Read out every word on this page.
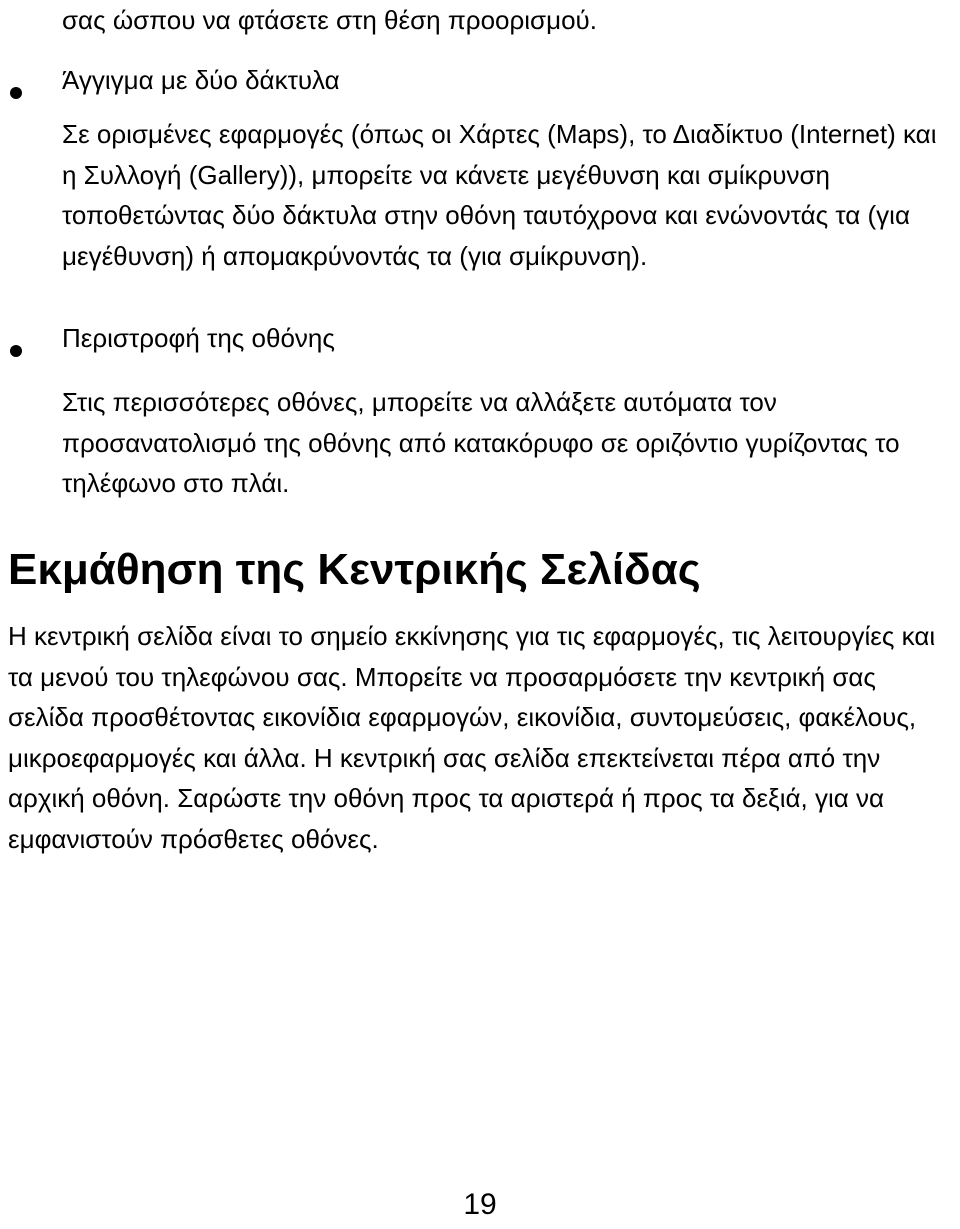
σας ώσπου να φτάσετε στη θέση προορισμού.

Άγγιγμα με δύο δάκτυλα

Σε ορισμένες εφαρμογές (όπως οι Χάρτες (Maps), το Διαδίκτυο (Internet) και η Συλλογή (Gallery)), μπορείτε να κάνετε μεγέθυνση και σμίκρυνση τοποθετώντας δύο δάκτυλα στην οθόνη ταυτόχρονα και ενώνοντάς τα (για μεγέθυνση) ή απομακρύνοντάς τα (για σμίκρυνση).

Περιστροφή της οθόνης

Στις περισσότερες οθόνες, μπορείτε να αλλάξετε αυτόματα τον προσανατολισμό της οθόνης από κατακόρυφο σε οριζόντιο γυρίζοντας το τηλέφωνο στο πλάι.

Εκμάθηση της Κεντρικής Σελίδας

Η κεντρική σελίδα είναι το σημείο εκκίνησης για τις εφαρμογές, τις λειτουργίες και τα μενού του τηλεφώνου σας. Μπορείτε να προσαρμόσετε την κεντρική σας σελίδα προσθέτοντας εικονίδια εφαρμογών, εικονίδια, συντομεύσεις, φακέλους, μικροεφαρμογές και άλλα. Η κεντρική σας σελίδα επεκτείνεται πέρα από την αρχική οθόνη. Σαρώστε την οθόνη προς τα αριστερά ή προς τα δεξιά, για να εμφανιστούν πρόσθετες οθόνες.

19
